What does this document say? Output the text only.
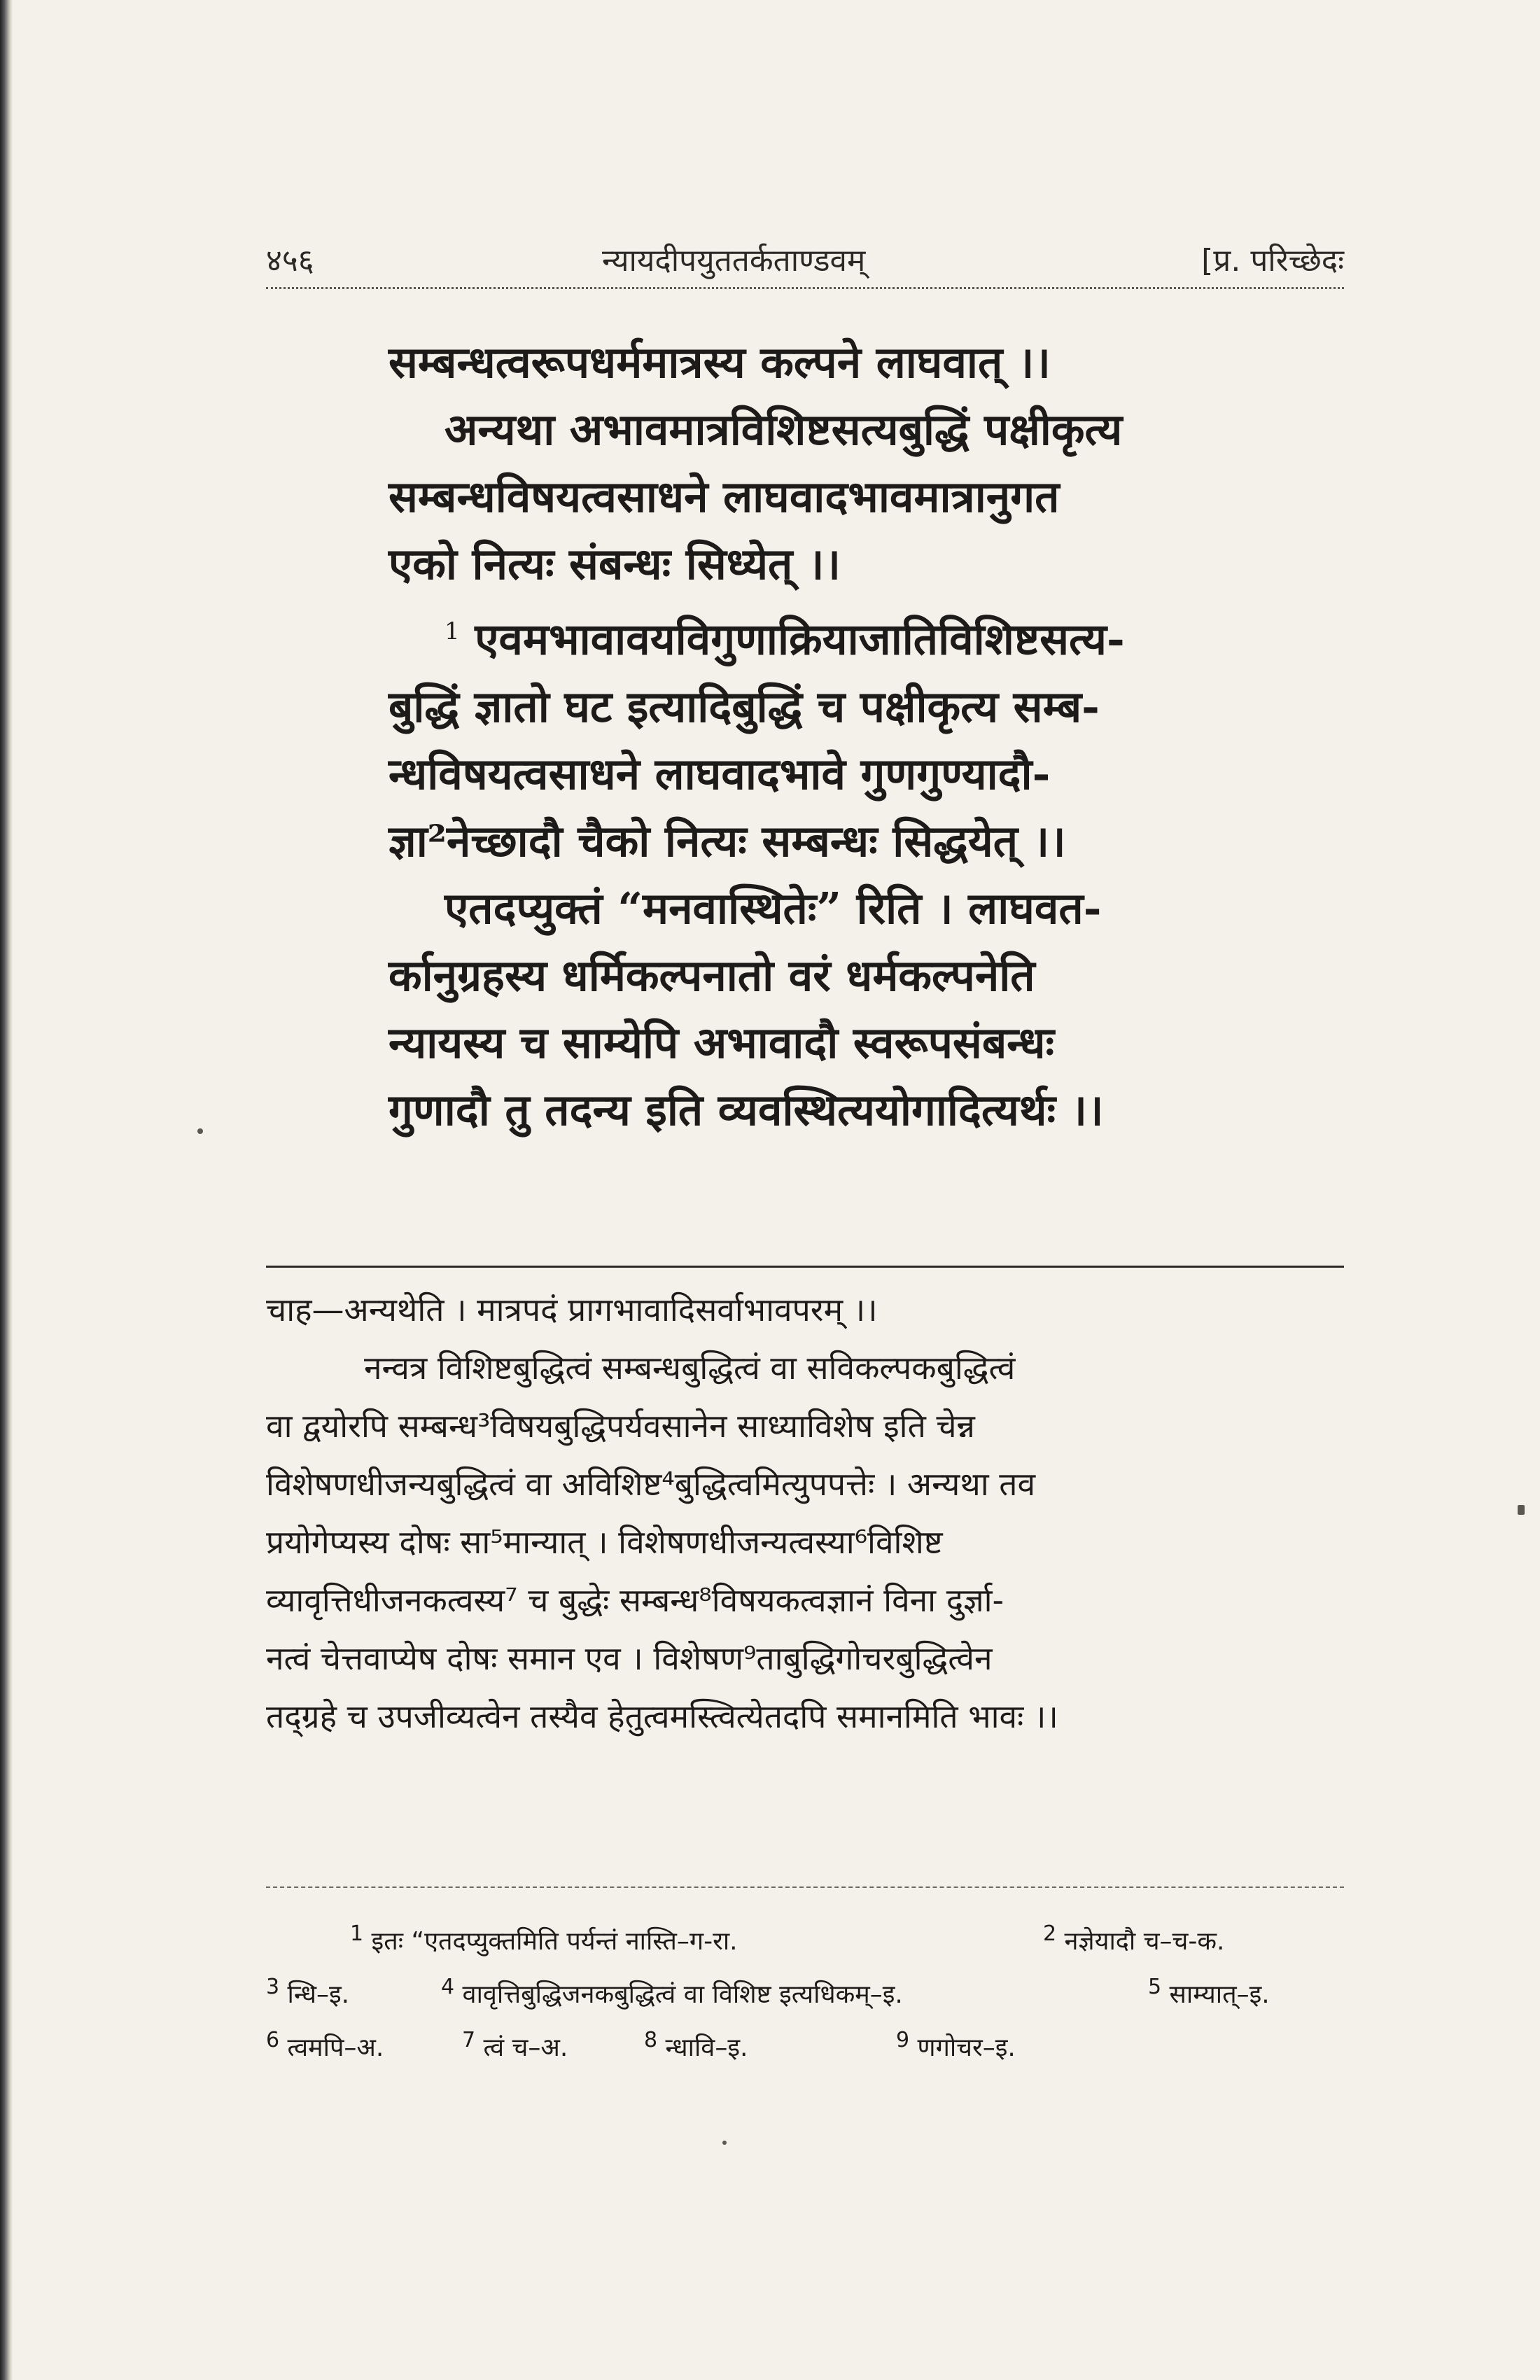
४५६	न्यायदीपयुततर्कताण्डवम्	[प्र. परिच्छेदः
सम्बन्धत्वरूपधर्ममात्रस्य कल्पने लाघवात् ।।
अन्यथा अभावमात्रविशिष्टसत्यबुद्धिं पक्षीकृत्य
सम्बन्धविषयत्वसाधने लाघवादभावमात्रानुगत
एको नित्यः संबन्धः सिध्येत् ।।
$^1$ एवमभावावयविगुणाक्रियाजातिविशिष्टसत्य-
बुद्धिं ज्ञातो घट इत्यादिबुद्धिं च पक्षीकृत्य सम्ब-
न्धविषयत्वसाधने लाघवादभावे गुणगुण्यादौ-
ज्ञा²नेच्छादौ चैको नित्यः सम्बन्धः सिद्धयेत् ।।
एतदप्युक्तं “मनवास्थितेः” रिति । लाघवत-
र्कानुग्रहस्य धर्मिकल्पनातो वरं धर्मकल्पनेति
न्यायस्य च साम्येपि अभावादौ स्वरूपसंबन्धः
गुणादौ तु तदन्य इति व्यवस्थित्ययोगादित्यर्थः ।।
चाह—अन्यथेति । मात्रपदं प्रागभावादिसर्वाभावपरम् ।।
नन्वत्र विशिष्टबुद्धित्वं सम्बन्धबुद्धित्वं वा सविकल्पकबुद्धित्वं
वा द्वयोरपि सम्बन्ध³विषयबुद्धिपर्यवसानेन साध्याविशेष इति चेन्न
विशेषणधीजन्यबुद्धित्वं वा अविशिष्ट⁴बुद्धित्वमित्युपपत्तेः । अन्यथा तव
प्रयोगेप्यस्य दोषः सा⁵मान्यात् । विशेषणधीजन्यत्वस्या⁶विशिष्ट
व्यावृत्तिधीजनकत्वस्य⁷ च बुद्धेः सम्बन्ध⁸विषयकत्वज्ञानं विना दुर्ज्ञा-
नत्वं चेत्तवाप्येष दोषः समान एव । विशेषण⁹ताबुद्धिगोचरबुद्धित्वेन
तद्ग्रहे च उपजीव्यत्वेन तस्यैव हेतुत्वमस्त्वित्येतदपि समानमिति भावः ।।
$^1$ इतः “एतदप्युक्तमिति पर्यन्तं नास्ति–ग-रा.	$^2$ नज्ञेयादौ च–च-क.
$^3$ न्धि–इ.	$^4$ वावृत्तिबुद्धिजनकबुद्धित्वं वा विशिष्ट इत्यधिकम्–इ.	$^5$ साम्यात्–इ.
$^6$ त्वमपि–अ.	$^7$ त्वं च–अ.	$^8$ न्धावि–इ.	$^9$ णगोचर–इ.
